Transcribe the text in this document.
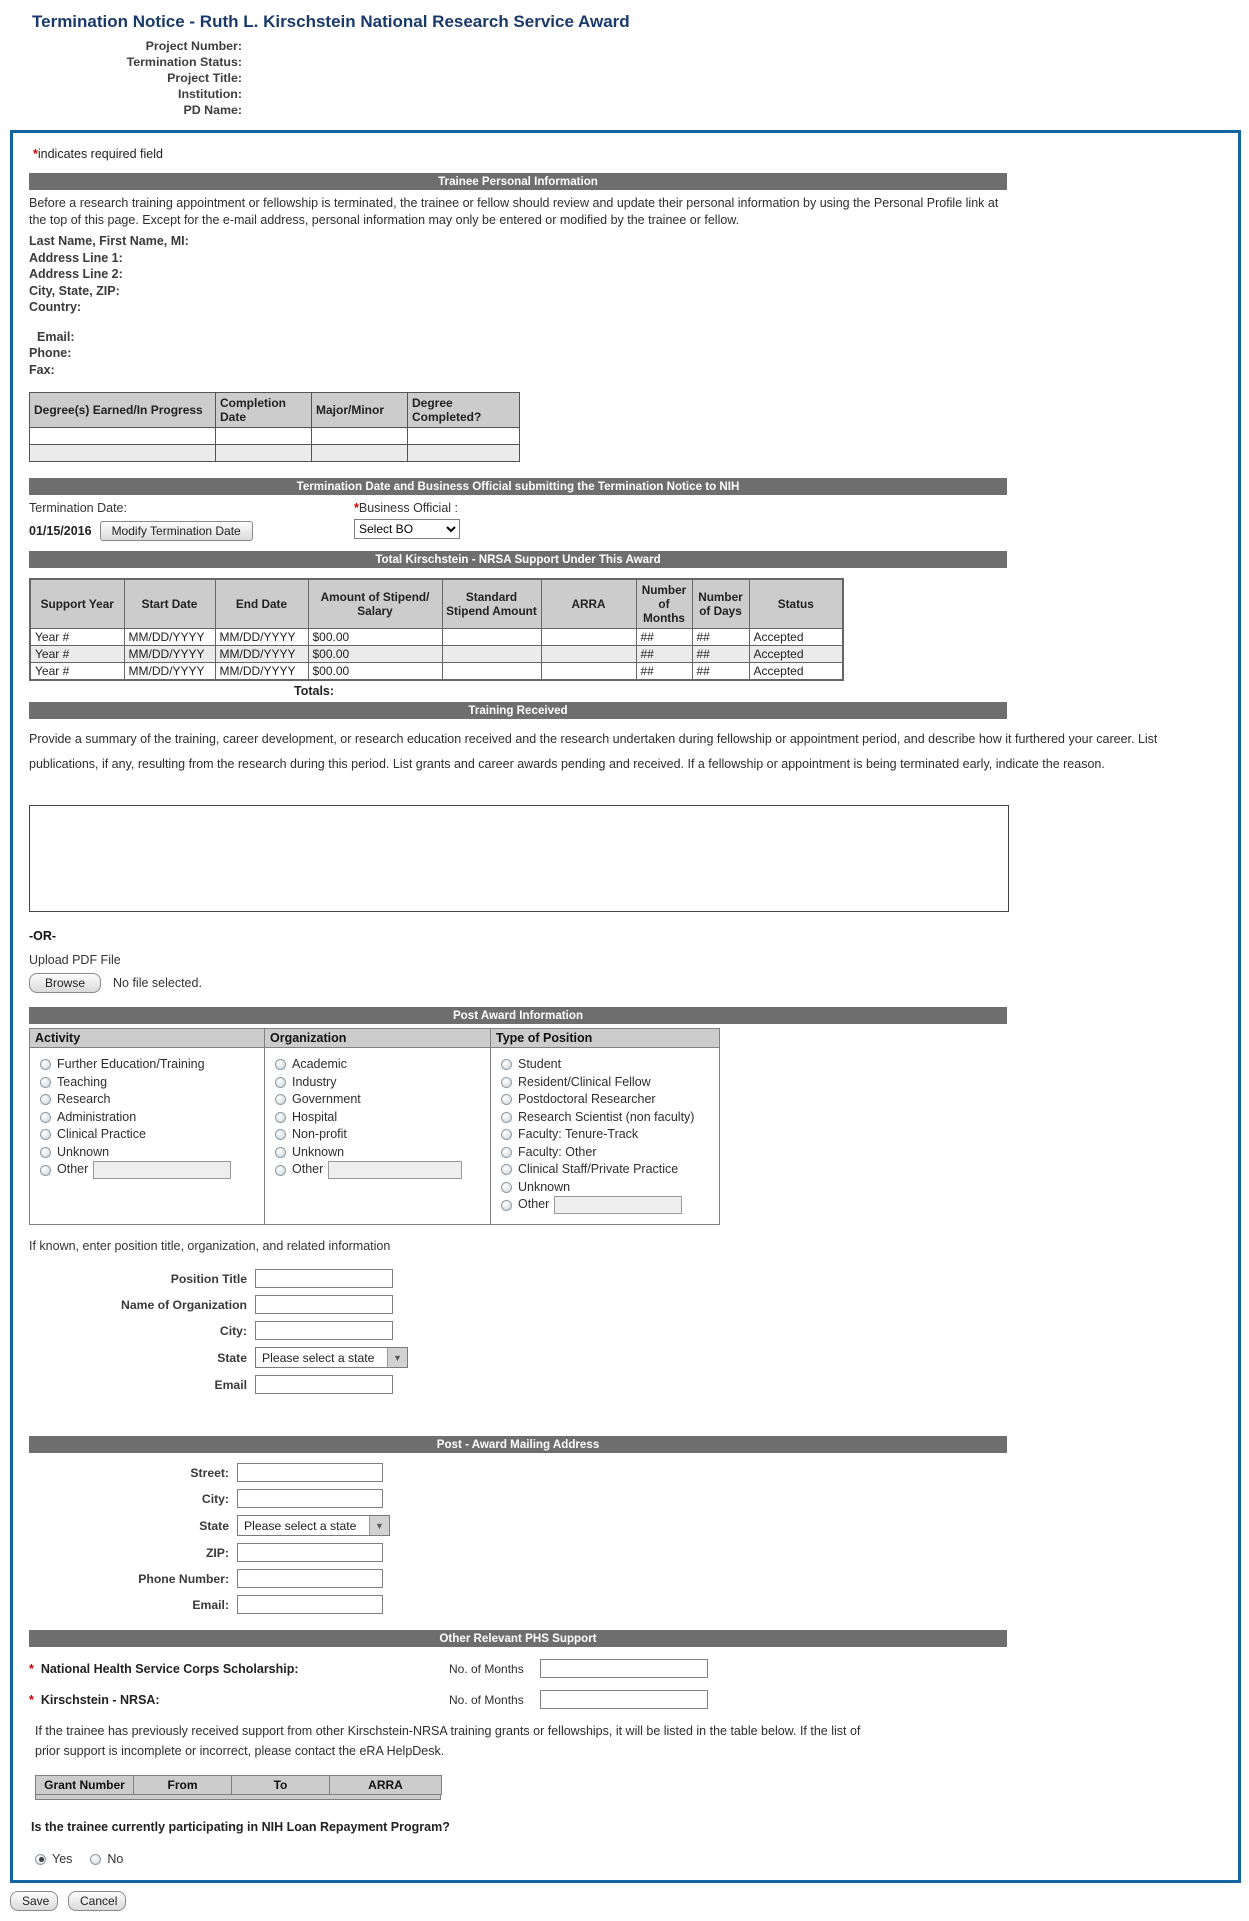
Termination Notice - Ruth L. Kirschstein National Research Service Award
Project Number:
Termination Status:
Project Title:
Institution:
PD Name:
*indicates required field
Trainee Personal Information
Before a research training appointment or fellowship is terminated, the trainee or fellow should review and update their personal information by using the Personal Profile link at the top of this page. Except for the e-mail address, personal information may only be entered or modified by the trainee or fellow.
Last Name, First Name, MI:
Address Line 1:
Address Line 2:
City, State, ZIP:
Country:
Email:
Phone:
Fax:
Degree(s) Earned/In Progress	Completion Date	Major/Minor	Degree Completed?

Termination Date and Business Official submitting the Termination Notice to NIH
Termination Date:
01/15/2016	Modify Termination Date
*Business Official :
Select BO
Total Kirschstein - NRSA Support Under This Award
Support Year	Start Date	End Date	Amount of Stipend/ Salary	Standard Stipend Amount	ARRA	Number of Months	Number of Days	Status
Year #	MM/DD/YYYY	MM/DD/YYYY	$00.00			##	##	Accepted
Year #	MM/DD/YYYY	MM/DD/YYYY	$00.00			##	##	Accepted
Year #	MM/DD/YYYY	MM/DD/YYYY	$00.00			##	##	Accepted
Totals:
Training Received
Provide a summary of the training, career development, or research education received and the research undertaken during fellowship or appointment period, and describe how it furthered your career. List publications, if any, resulting from the research during this period. List grants and career awards pending and received. If a fellowship or appointment is being terminated early, indicate the reason.
-OR-
Upload PDF File
Browse	No file selected.
Post Award Information
Activity
Further Education/Training
Teaching
Research
Administration
Clinical Practice
Unknown
Other
Organization
Academic
Industry
Government
Hospital
Non-profit
Unknown
Other
Type of Position
Student
Resident/Clinical Fellow
Postdoctoral Researcher
Research Scientist (non faculty)
Faculty: Tenure-Track
Faculty: Other
Clinical Staff/Private Practice
Unknown
Other
If known, enter position title, organization, and related information
Position Title
Name of Organization
City:
State	Please select a state	▼
Email
Post - Award Mailing Address
Street:
City:
State	Please select a state	▼
ZIP:
Phone Number:
Email:
Other Relevant PHS Support
* National Health Service Corps Scholarship:	No. of Months
* Kirschstein - NRSA:	No. of Months
If the trainee has previously received support from other Kirschstein-NRSA training grants or fellowships, it will be listed in the table below. If the list of prior support is incomplete or incorrect, please contact the eRA HelpDesk.
Grant Number	From	To	ARRA
Is the trainee currently participating in NIH Loan Repayment Program?
Yes	No
Save	Cancel
